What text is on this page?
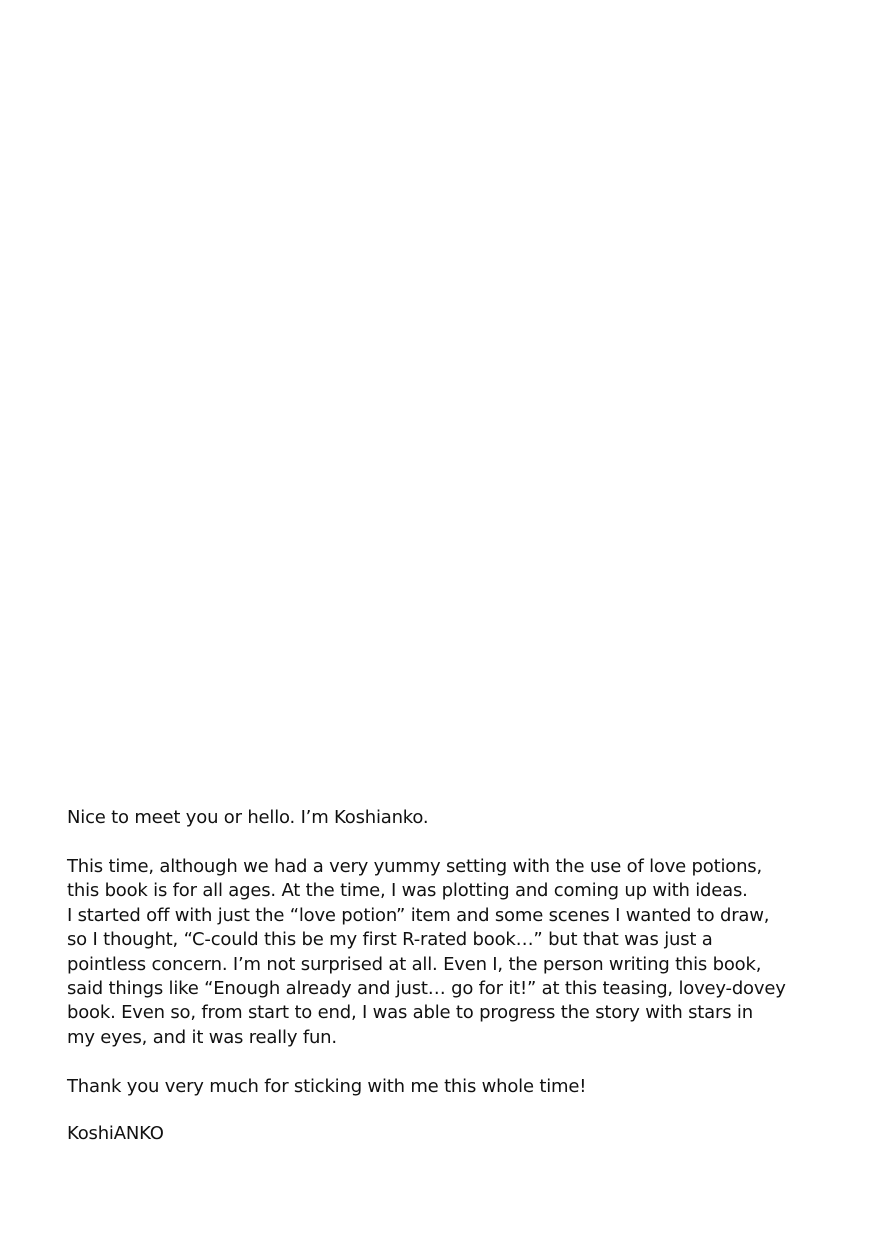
Nice to meet you or hello. I’m Koshianko.

This time, although we had a very yummy setting with the use of love potions,
this book is for all ages. At the time, I was plotting and coming up with ideas.
I started off with just the “love potion” item and some scenes I wanted to draw,
so I thought, “C-could this be my first R-rated book…” but that was just a
pointless concern. I’m not surprised at all. Even I, the person writing this book,
said things like “Enough already and just… go for it!” at this teasing, lovey-dovey
book. Even so, from start to end, I was able to progress the story with stars in
my eyes, and it was really fun.

Thank you very much for sticking with me this whole time!

KoshiANKO
